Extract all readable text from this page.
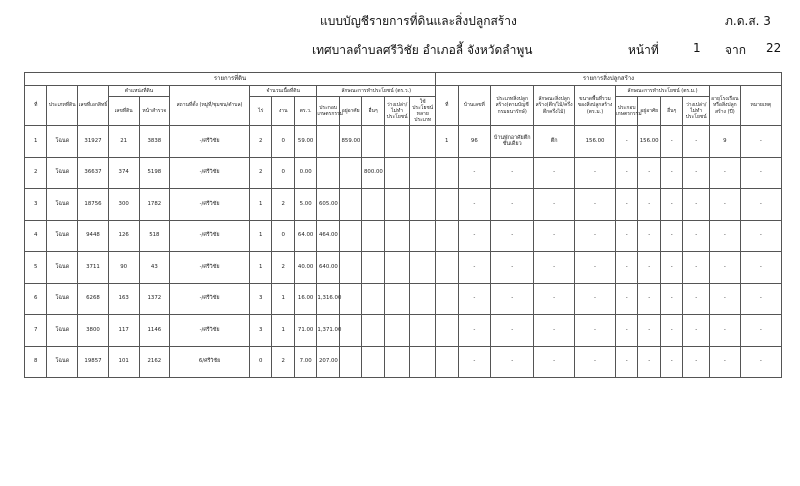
แบบบัญชีรายการที่ดินและสิ่งปลูกสร้าง	ภ.ด.ส. 3
เทศบาลตำบลศรีวิชัย อำเภอลี้ จังหวัดลำพูน	หน้าที่	1 จาก 22
รายการที่ดิน														รายการสิ่งปลูกสร้าง										
ที่	ประเภทที่ดิน	เลขที่เอกสิทธิ์	ตำแหน่งที่ดิน		สถานที่ตั้ง (หมู่ที่/ชุมชน/ตำบล)	จำนวนเนื้อที่ดิน			ลักษณะการทำประโยชน์ (ตร.ว.)					ที่	บ้านเลขที่	ประเภทสิ่งปลูกสร้าง(ตามบัญชีกรมธนารักษ์)	ลักษณะสิ่งปลูกสร้าง(ตึก/ไม้/ครึ่งตึกครึ่งไม้)	ขนาดพื้นที่รวมของสิ่งปลูกสร้าง (ตร.ม.)	ลักษณะการทำประโยชน์ (ตร.ม.)				อายุโรงเรือนหรือสิ่งปลูกสร้าง (ปี)	หมายเหตุ
			เลขที่ดิน	หน้าสำรวจ		ไร่	งาน	ตร.ว.	ประกอบเกษตรกรรม	อยู่อาศัย	อื่นๆ	ว่างเปล่า/ไม่ทำประโยชน์	ใช้ประโยชน์หลายประเภท						ประกอบเกษตรกรรม	อยู่อาศัย	อื่นๆ	ว่างเปล่า/ไม่ทำประโยชน์		
1	โฉนด	31927	21	3838	-/ศรีวิชัย	2	0	59.00		859.00				1	96	บ้านพักอาศัยตึกชั้นเดียว	ตึก	156.00	-	156.00	-	-	9	-
2	โฉนด	36637	374	5198	-/ศรีวิชัย	2	0	0.00			800.00				-	-	-	-	-	-	-	-	-	-
3	โฉนด	18756	300	1782	-/ศรีวิชัย	1	2	5.00	605.00						-	-	-	-	-	-	-	-	-	-
4	โฉนด	9448	126	518	-/ศรีวิชัย	1	0	64.00	464.00						-	-	-	-	-	-	-	-	-	-
5	โฉนด	3711	90	43	-/ศรีวิชัย	1	2	40.00	640.00						-	-	-	-	-	-	-	-	-	-
6	โฉนด	6268	163	1372	-/ศรีวิชัย	3	1	16.00	1,316.00						-	-	-	-	-	-	-	-	-	-
7	โฉนด	3800	117	1146	-/ศรีวิชัย	3	1	71.00	1,371.00						-	-	-	-	-	-	-	-	-	-
8	โฉนด	19857	101	2162	6/ศรีวิชัย	0	2	7.00	207.00						-	-	-	-	-	-	-	-	-	-
